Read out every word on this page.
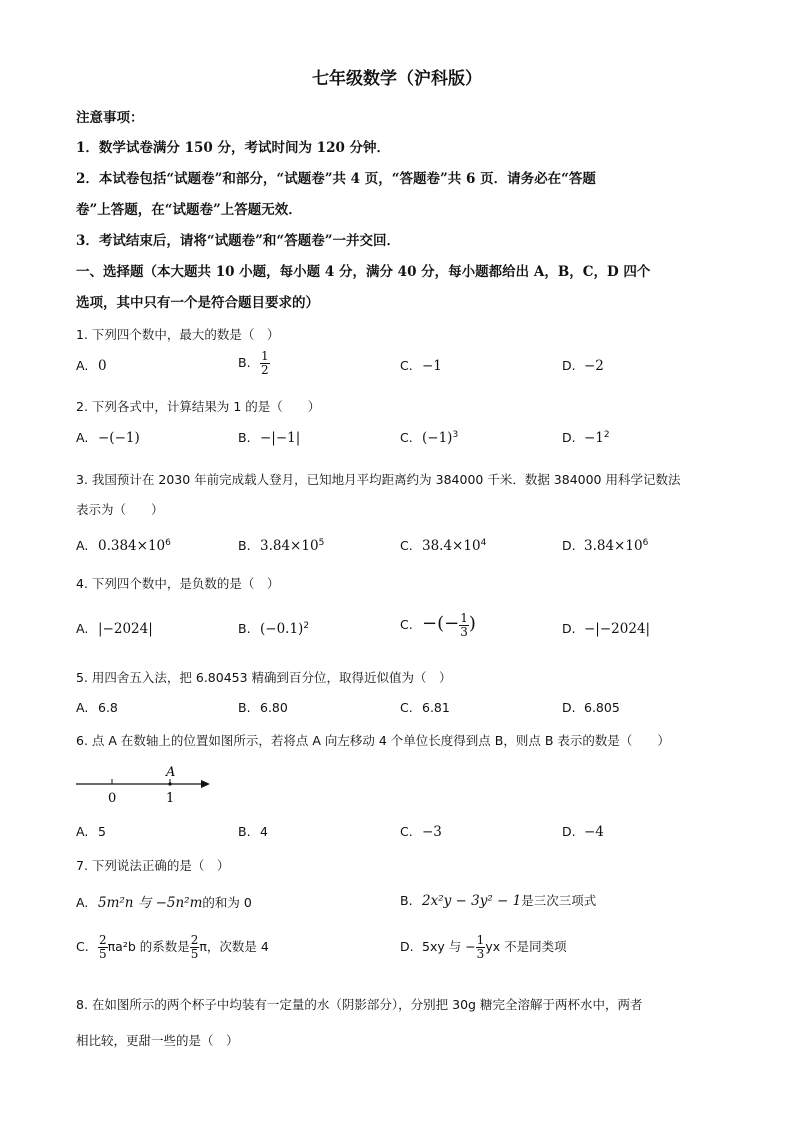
七年级数学（沪科版）
注意事项：
1．数学试卷满分 150 分，考试时间为 120 分钟．
2．本试卷包括“试题卷”和部分，“试题卷”共 4 页，“答题卷”共 6 页．请务必在“答题
卷”上答题，在“试题卷”上答题无效．
3．考试结束后，请将“试题卷”和“答题卷”一并交回．
一、选择题（本大题共 10 小题，每小题 4 分，满分 40 分，每小题都给出 A，B，C，D 四个
选项，其中只有一个是符合题目要求的）
1. 下列四个数中，最大的数是（　）
A. 0	B. $\frac{1}{2}$	C. −1	D. −2
2. 下列各式中，计算结果为 1 的是（　　）
A. −(−1)	B. −|−1|	C. $(-1)^3$	D. $-1^2$
3. 我国预计在 2030 年前完成载人登月，已知地月平均距离约为 384000 千米．数据 384000 用科学记数法
表示为（　　）
A. $0.384\times 10^6$	B. $3.84\times 10^5$	C. $38.4\times 10^4$	D. $3.84\times 10^6$
4. 下列四个数中，是负数的是（　）
A. |−2024|	B. $(-0.1)^2$	C. −(− $\frac{1}{3}$ )	D. −|−2024|
5. 用四舍五入法，把 6.80453 精确到百分位，取得近似值为（　）
A. 6.8	B. 6.80	C. 6.81	D. 6.805
6. 点 A 在数轴上的位置如图所示，若将点 A 向左移动 4 个单位长度得到点 B，则点 B 表示的数是（　　）
A
0	1
A. 5	B. 4	C. −3	D. −4
7. 下列说法正确的是（　）
A. 5m²n 与 −5n²m的和为 0	B. 2x²y − 3y² − 1是三次三项式
C. $\frac{2}{5} \pi a^2b$ 的系数是 $\frac{2}{5}$ π，次数是 4	D. 5xy 与 − $\frac{1}{3}$ yx 不是同类项
8. 在如图所示的两个杯子中均装有一定量的水（阴影部分），分别把 30g 糖完全溶解于两杯水中，两者
相比较，更甜一些的是（　）
